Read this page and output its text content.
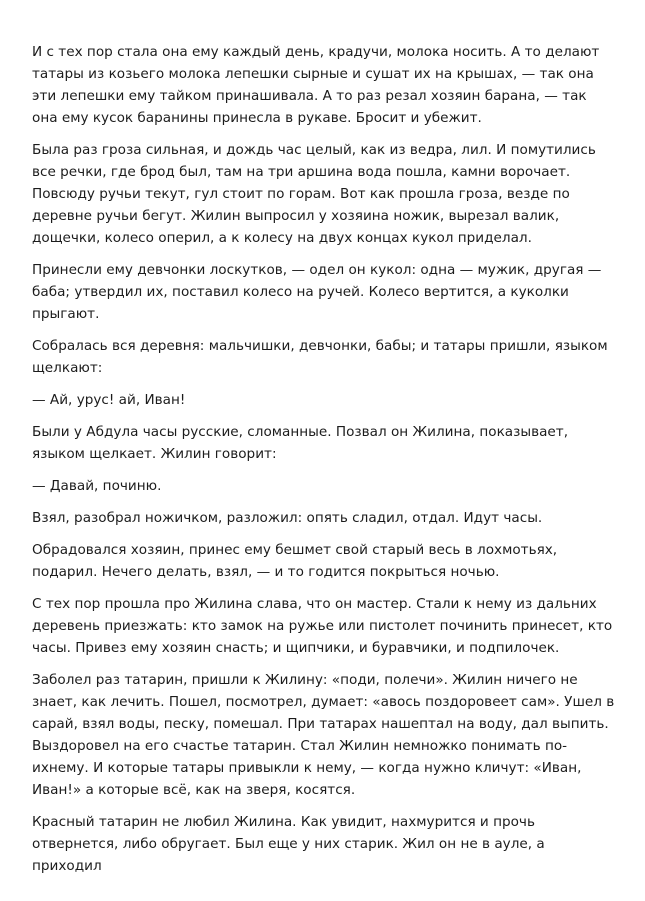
И с тех пор стала она ему каждый день, крадучи, молока носить. А то делают татары из козьего молока лепешки сырные и сушат их на крышах, — так она эти лепешки ему тайком принашивала. А то раз резал хозяин барана, — так она ему кусок баранины принесла в рукаве. Бросит и убежит.

Была раз гроза сильная, и дождь час целый, как из ведра, лил. И помутились все речки, где брод был, там на три аршина вода пошла, камни ворочает. Повсюду ручьи текут, гул стоит по горам. Вот как прошла гроза, везде по деревне ручьи бегут. Жилин выпросил у хозяина ножик, вырезал валик, дощечки, колесо оперил, а к колесу на двух концах кукол приделал.

Принесли ему девчонки лоскутков, — одел он кукол: одна — мужик, другая — баба; утвердил их, поставил колесо на ручей. Колесо вертится, а куколки прыгают.

Собралась вся деревня: мальчишки, девчонки, бабы; и татары пришли, языком щелкают:

— Ай, урус! ай, Иван!

Были у Абдула часы русские, сломанные. Позвал он Жилина, показывает, языком щелкает. Жилин говорит:

— Давай, починю.

Взял, разобрал ножичком, разложил: опять сладил, отдал. Идут часы.

Обрадовался хозяин, принес ему бешмет свой старый весь в лохмотьях, подарил. Нечего делать, взял, — и то годится покрыться ночью.

С тех пор прошла про Жилина слава, что он мастер. Стали к нему из дальних деревень приезжать: кто замок на ружье или пистолет починить принесет, кто часы. Привез ему хозяин снасть; и щипчики, и буравчики, и подпилочек.

Заболел раз татарин, пришли к Жилину: «поди, полечи». Жилин ничего не знает, как лечить. Пошел, посмотрел, думает: «авось поздоровеет сам». Ушел в сарай, взял воды, песку, помешал. При татарах нашептал на воду, дал выпить. Выздоровел на его счастье татарин. Стал Жилин немножко понимать по-ихнему. И которые татары привыкли к нему, — когда нужно кличут: «Иван, Иван!» а которые всё, как на зверя, косятся.

Красный татарин не любил Жилина. Как увидит, нахмурится и прочь отвернется, либо обругает. Был еще у них старик. Жил он не в ауле, а приходил
